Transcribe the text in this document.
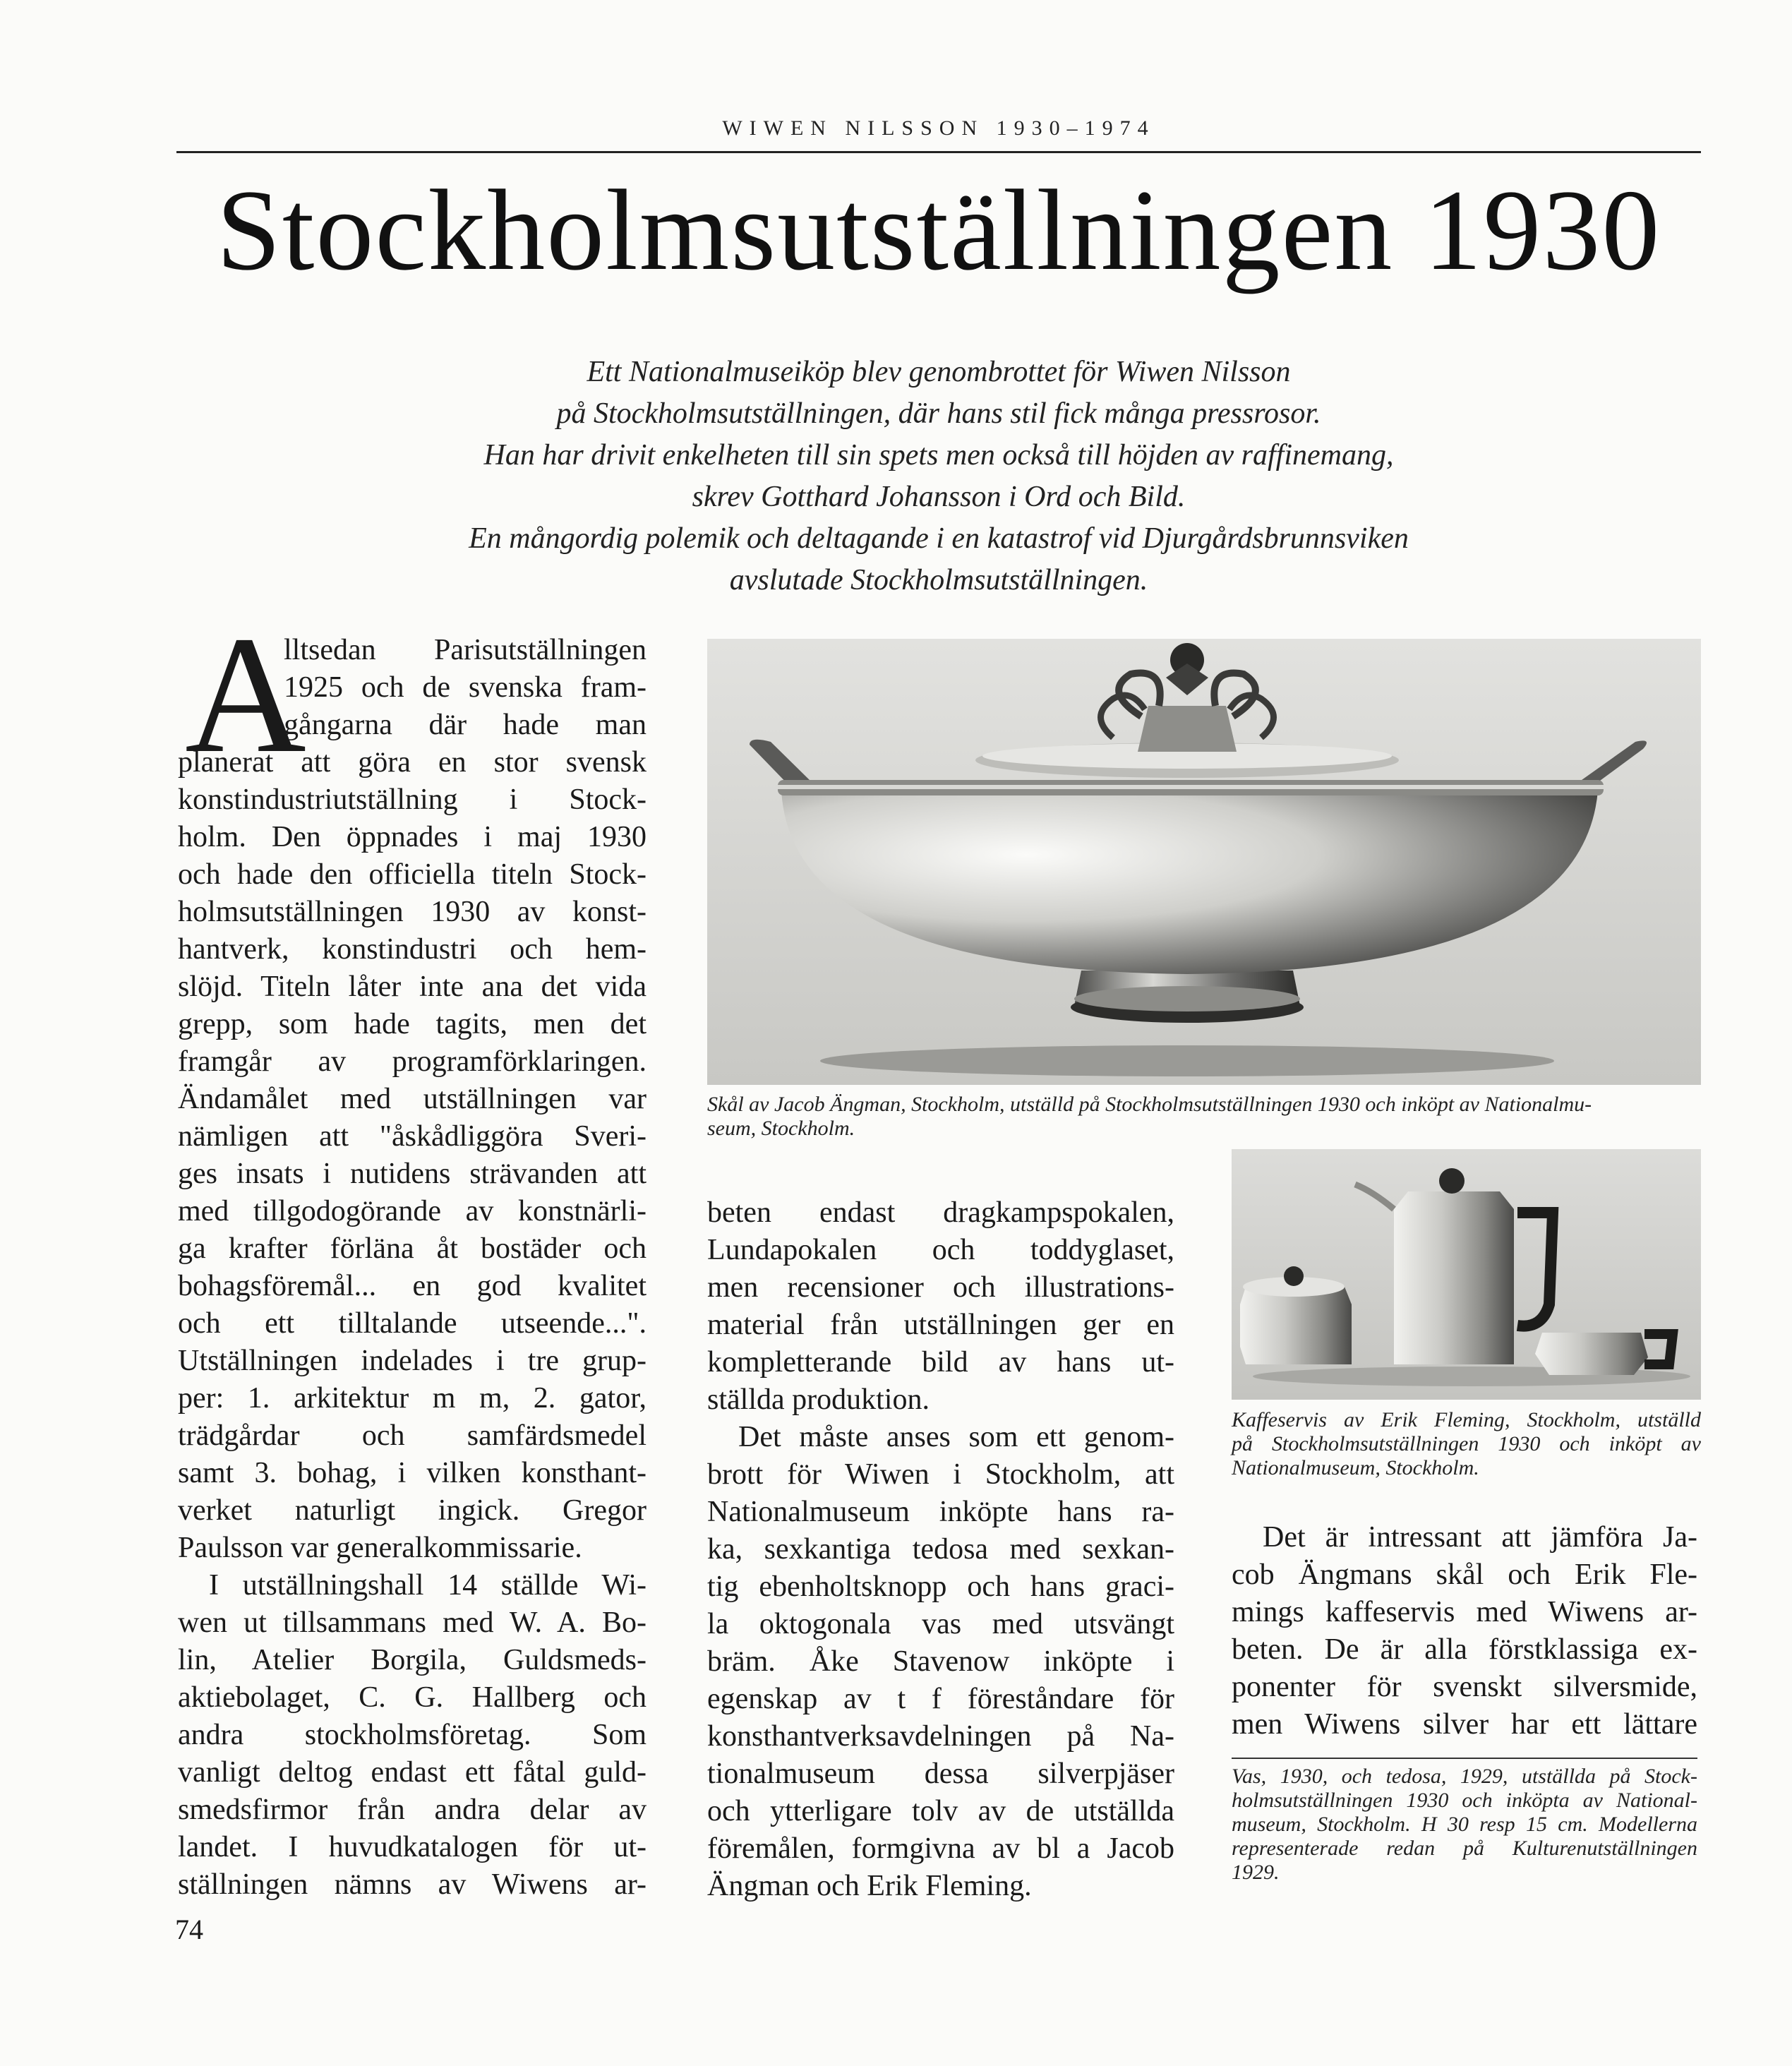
WIWEN NILSSON 1930–1974
Stockholmsutställningen 1930
Ett Nationalmuseiköp blev genombrottet för Wiwen Nilsson
på Stockholmsutställningen, där hans stil fick många pressrosor.
Han har drivit enkelheten till sin spets men också till höjden av raffinemang,
skrev Gotthard Johansson i Ord och Bild.
En mångordig polemik och deltagande i en katastrof vid Djurgårdsbrunnsviken
avslutade Stockholmsutställningen.
A
lltsedan Parisutställningen
1925 och de svenska fram-
gångarna där hade man
planerat att göra en stor svensk
konstindustriutställning i Stock-
holm. Den öppnades i maj 1930
och hade den officiella titeln Stock-
holmsutställningen 1930 av konst-
hantverk, konstindustri och hem-
slöjd. Titeln låter inte ana det vida
grepp, som hade tagits, men det
framgår av programförklaringen.
Ändamålet med utställningen var
nämligen att "åskådliggöra Sveri-
ges insats i nutidens strävanden att
med tillgodogörande av konstnärli-
ga krafter förläna åt bostäder och
bohagsföremål... en god kvalitet
och ett tilltalande utseende...".
Utställningen indelades i tre grup-
per: 1. arkitektur m m, 2. gator,
trädgårdar och samfärdsmedel
samt 3. bohag, i vilken konsthant-
verket naturligt ingick. Gregor
Paulsson var generalkommissarie.
I utställningshall 14 ställde Wi-
wen ut tillsammans med W. A. Bo-
lin, Atelier Borgila, Guldsmeds-
aktiebolaget, C. G. Hallberg och
andra stockholmsföretag. Som
vanligt deltog endast ett fåtal guld-
smedsfirmor från andra delar av
landet. I huvudkatalogen för ut-
ställningen nämns av Wiwens ar-
Skål av Jacob Ängman, Stockholm, utställd på Stockholmsutställningen 1930 och inköpt av Nationalmu-
seum, Stockholm.
beten endast dragkampspokalen,
Lundapokalen och toddyglaset,
men recensioner och illustrations-
material från utställningen ger en
kompletterande bild av hans ut-
ställda produktion.
Det måste anses som ett genom-
brott för Wiwen i Stockholm, att
Nationalmuseum inköpte hans ra-
ka, sexkantiga tedosa med sexkan-
tig ebenholtsknopp och hans graci-
la oktogonala vas med utsvängt
bräm. Åke Stavenow inköpte i
egenskap av t f föreståndare för
konsthantverksavdelningen på Na-
tionalmuseum dessa silverpjäser
och ytterligare tolv av de utställda
föremålen, formgivna av bl a Jacob
Ängman och Erik Fleming.
Kaffeservis av Erik Fleming, Stockholm, utställd
på Stockholmsutställningen 1930 och inköpt av
Nationalmuseum, Stockholm.
Det är intressant att jämföra Ja-
cob Ängmans skål och Erik Fle-
mings kaffeservis med Wiwens ar-
beten. De är alla förstklassiga ex-
ponenter för svenskt silversmide,
men Wiwens silver har ett lättare
Vas, 1930, och tedosa, 1929, utställda på Stock-
holmsutställningen 1930 och inköpta av National-
museum, Stockholm. H 30 resp 15 cm. Modellerna
representerade redan på Kulturenutställningen
1929.
74
